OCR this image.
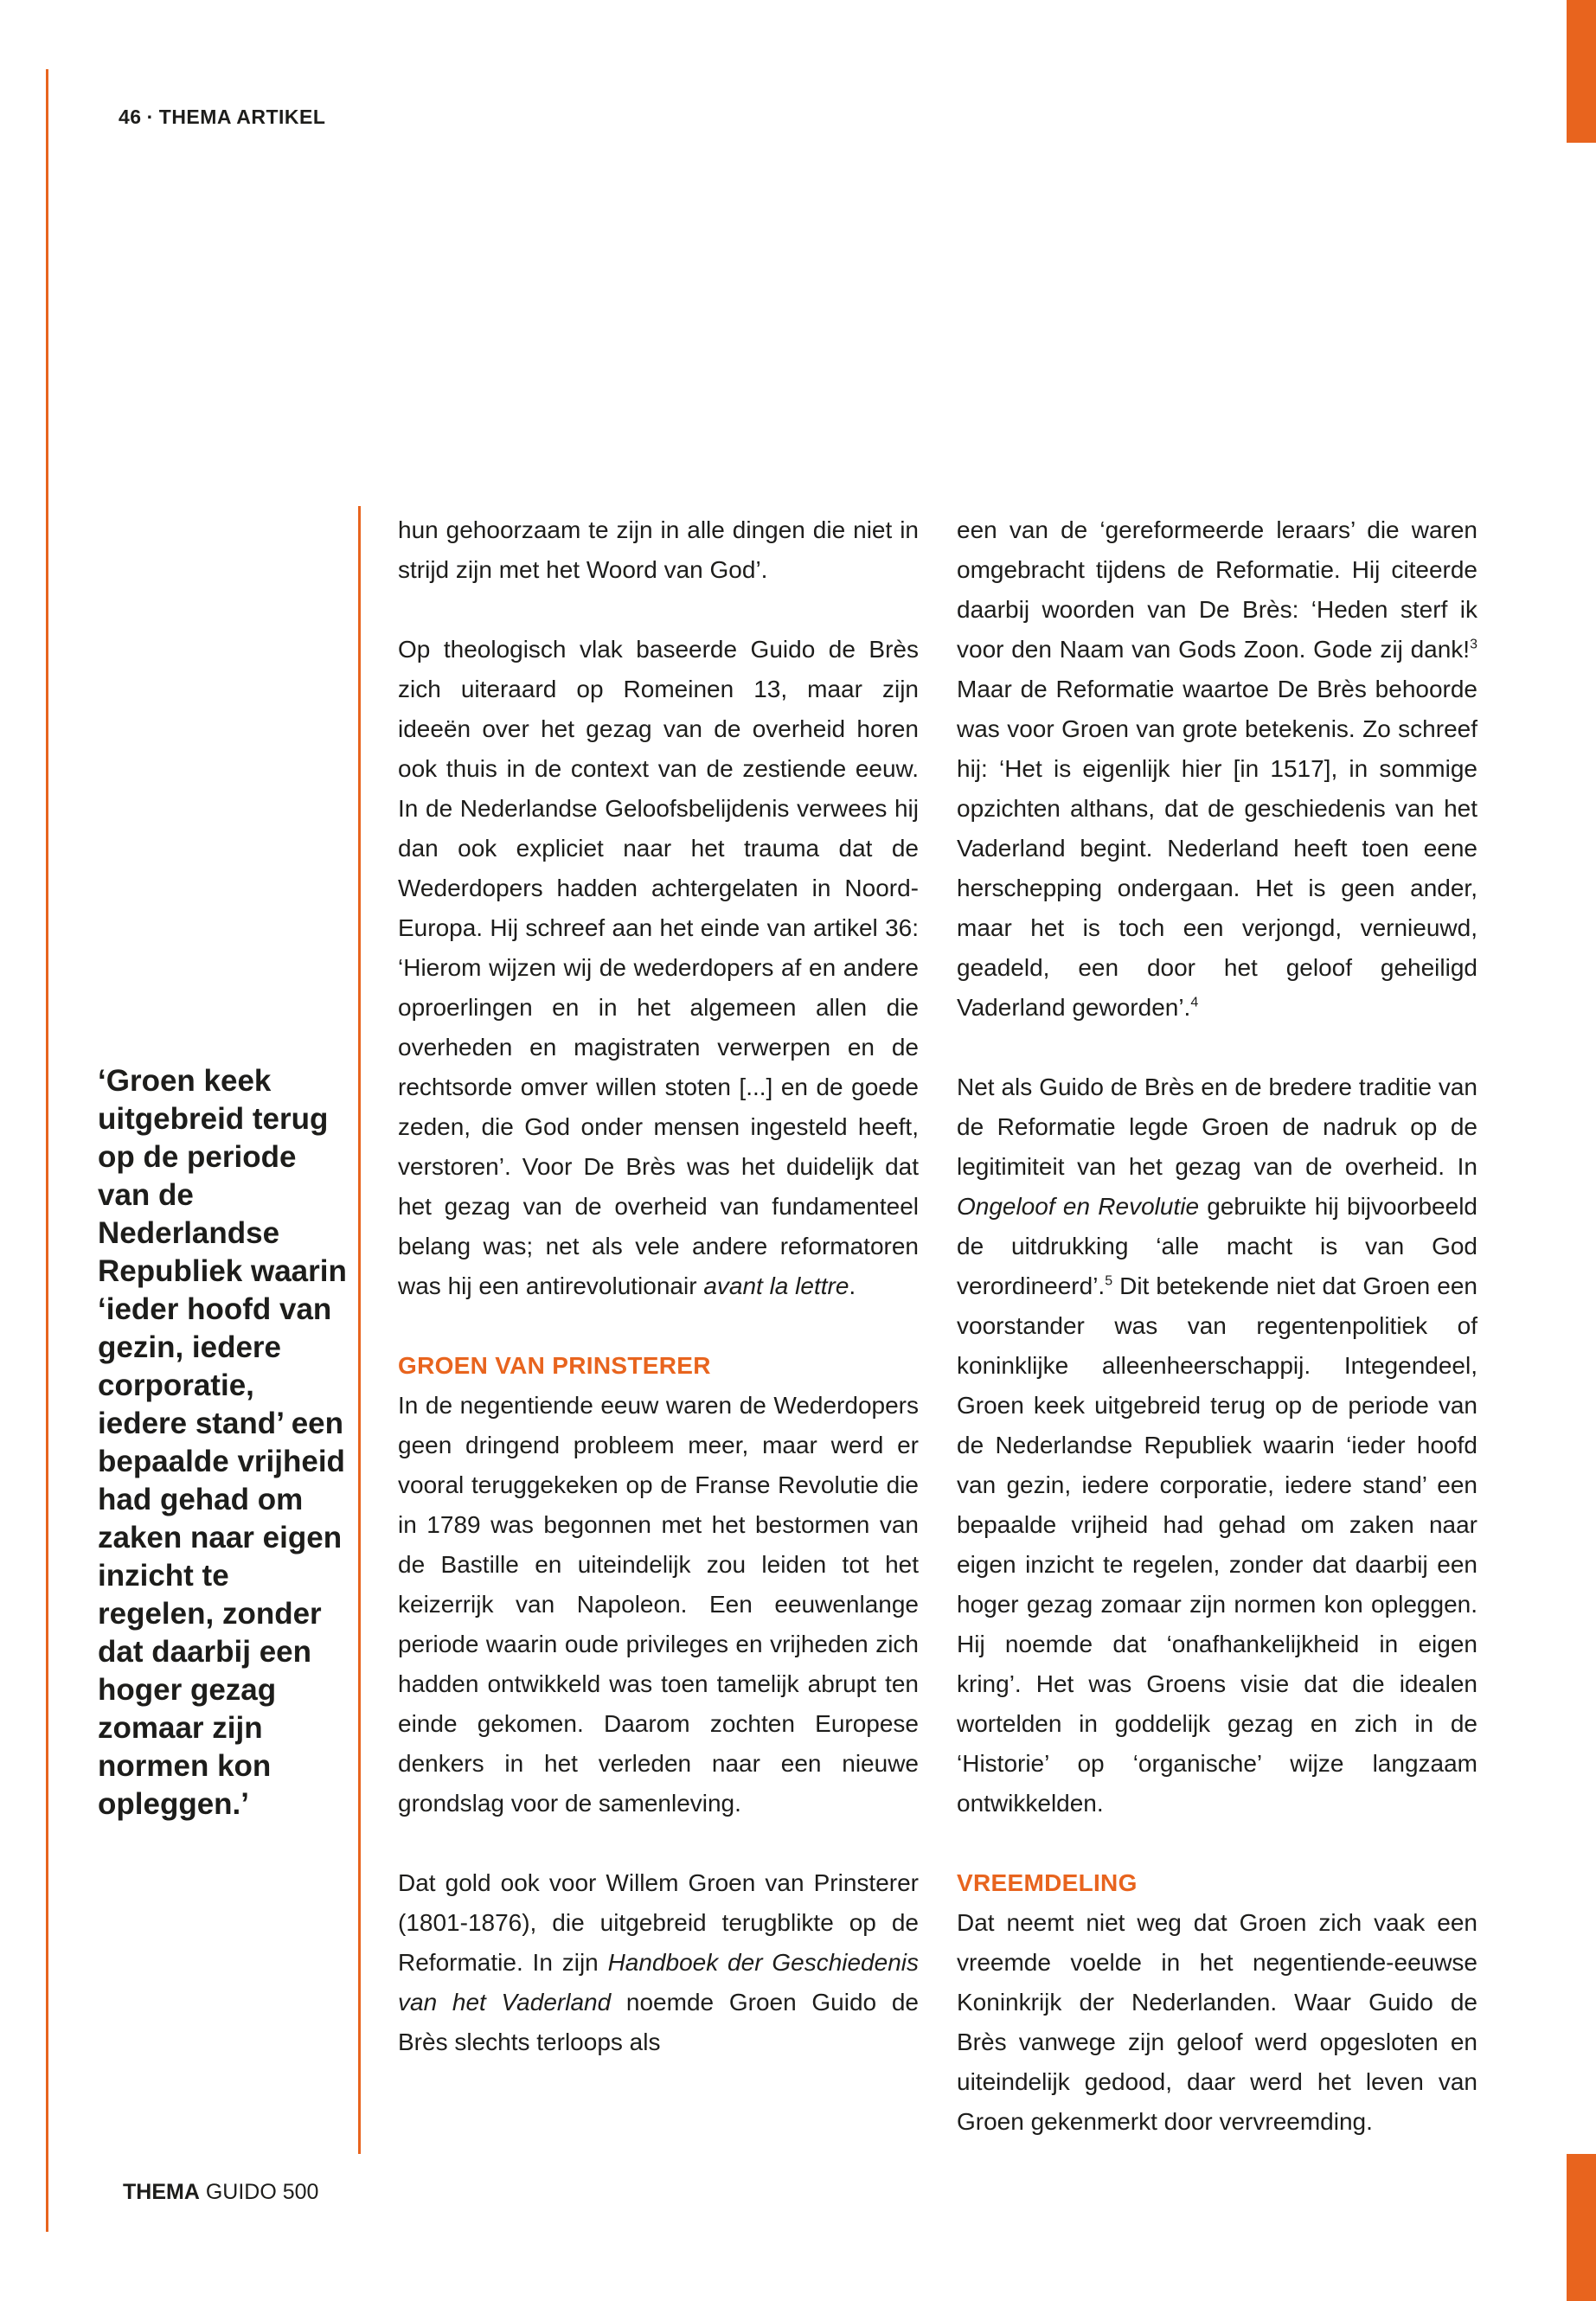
46 · THEMA ARTIKEL
‘Groen keek uitgebreid terug op de periode van de Nederlandse Republiek waarin ‘ieder hoofd van gezin, iedere corporatie, iedere stand’ een bepaalde vrijheid had gehad om zaken naar eigen inzicht te regelen, zonder dat daarbij een hoger gezag zomaar zijn normen kon opleggen.’

hun gehoorzaam te zijn in alle dingen die niet in strijd zijn met het Woord van God’.

Op theologisch vlak baseerde Guido de Brès zich uiteraard op Romeinen 13, maar zijn ideeën over het gezag van de overheid horen ook thuis in de context van de zestiende eeuw. In de Nederlandse Geloofsbelijdenis verwees hij dan ook expliciet naar het trauma dat de Wederdopers hadden achtergelaten in Noord-Europa. Hij schreef aan het einde van artikel 36: ‘Hierom wijzen wij de wederdopers af en andere oproerlingen en in het algemeen allen die overheden en magistraten verwerpen en de rechtsorde omver willen stoten [...] en de goede zeden, die God onder mensen ingesteld heeft, verstoren’. Voor De Brès was het duidelijk dat het gezag van de overheid van fundamenteel belang was; net als vele andere reformatoren was hij een antirevolutionair avant la lettre.

GROEN VAN PRINSTERER

In de negentiende eeuw waren de Wederdopers geen dringend probleem meer, maar werd er vooral teruggekeken op de Franse Revolutie die in 1789 was begonnen met het bestormen van de Bastille en uiteindelijk zou leiden tot het keizerrijk van Napoleon. Een eeuwenlange periode waarin oude privileges en vrijheden zich hadden ontwikkeld was toen tamelijk abrupt ten einde gekomen. Daarom zochten Europese denkers in het verleden naar een nieuwe grondslag voor de samenleving.

Dat gold ook voor Willem Groen van Prinsterer (1801-1876), die uitgebreid terugblikte op de Reformatie. In zijn Handboek der Geschiedenis van het Vaderland noemde Groen Guido de Brès slechts terloops als

een van de ‘gereformeerde leraars’ die waren omgebracht tijdens de Reformatie. Hij citeerde daarbij woorden van De Brès: ‘Heden sterf ik voor den Naam van Gods Zoon. Gode zij dank!$^3$ Maar de Reformatie waartoe De Brès behoorde was voor Groen van grote betekenis. Zo schreef hij: ‘Het is eigenlijk hier [in 1517], in sommige opzichten althans, dat de geschiedenis van het Vaderland begint. Nederland heeft toen eene herschepping ondergaan. Het is geen ander, maar het is toch een verjongd, vernieuwd, geadeld, een door het geloof geheiligd Vaderland geworden’.$^4$

Net als Guido de Brès en de bredere traditie van de Reformatie legde Groen de nadruk op de legitimiteit van het gezag van de overheid. In Ongeloof en Revolutie gebruikte hij bijvoorbeeld de uitdrukking ‘alle macht is van God verordineerd’.$^5$ Dit betekende niet dat Groen een voorstander was van regentenpolitiek of koninklijke alleenheerschappij. Integendeel, Groen keek uitgebreid terug op de periode van de Nederlandse Republiek waarin ‘ieder hoofd van gezin, iedere corporatie, iedere stand’ een bepaalde vrijheid had gehad om zaken naar eigen inzicht te regelen, zonder dat daarbij een hoger gezag zomaar zijn normen kon opleggen. Hij noemde dat ‘onafhankelijkheid in eigen kring’. Het was Groens visie dat die idealen wortelden in goddelijk gezag en zich in de ‘Historie’ op ‘organische’ wijze langzaam ontwikkelden.

VREEMDELING

Dat neemt niet weg dat Groen zich vaak een vreemde voelde in het negentiende-eeuwse Koninkrijk der Nederlanden. Waar Guido de Brès vanwege zijn geloof werd opgesloten en uiteindelijk gedood, daar werd het leven van Groen gekenmerkt door vervreemding.

THEMA GUIDO 500
